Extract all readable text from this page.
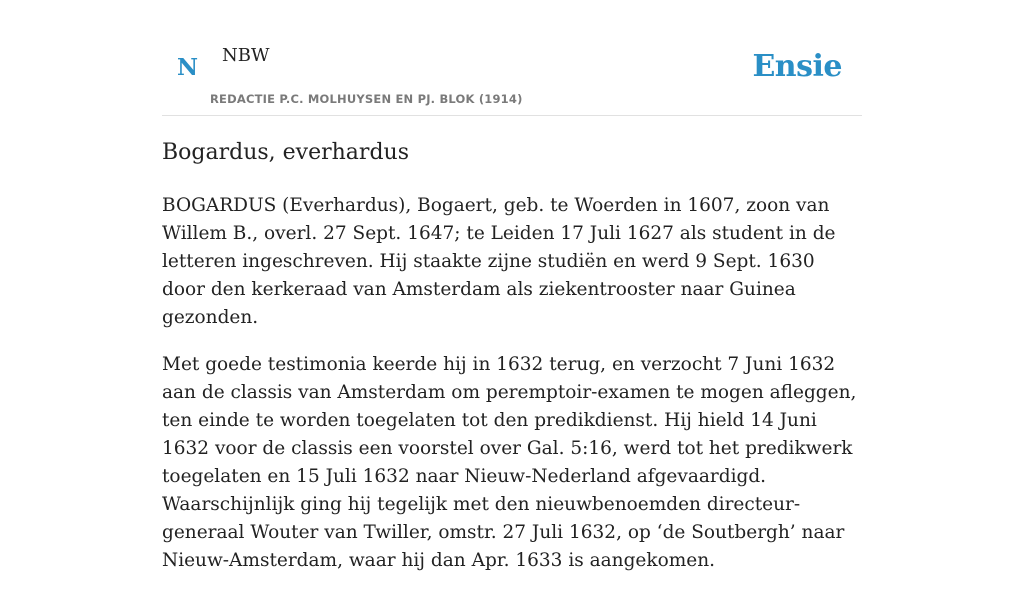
N NBW
REDACTIE P.C. MOLHUYSEN EN PJ. BLOK (1914)
Ensie
Bogardus, everhardus

BOGARDUS (Everhardus), Bogaert, geb. te Woerden in 1607, zoon van Willem B., overl. 27 Sept. 1647; te Leiden 17 Juli 1627 als student in de letteren ingeschreven. Hij staakte zijne studiën en werd 9 Sept. 1630 door den kerkeraad van Amsterdam als ziekentrooster naar Guinea gezonden.

Met goede testimonia keerde hij in 1632 terug, en verzocht 7 Juni 1632 aan de classis van Amsterdam om peremptoir-examen te mogen afleggen, ten einde te worden toegelaten tot den predikdienst. Hij hield 14 Juni 1632 voor de classis een voorstel over Gal. 5:16, werd tot het predikwerk toegelaten en 15 Juli 1632 naar Nieuw-Nederland afgevaardigd. Waarschijnlijk ging hij tegelijk met den nieuwbenoemden directeur-generaal Wouter van Twiller, omstr. 27 Juli 1632, op ‘de Soutbergh’ naar Nieuw-Amsterdam, waar hij dan Apr. 1633 is aangekomen.
